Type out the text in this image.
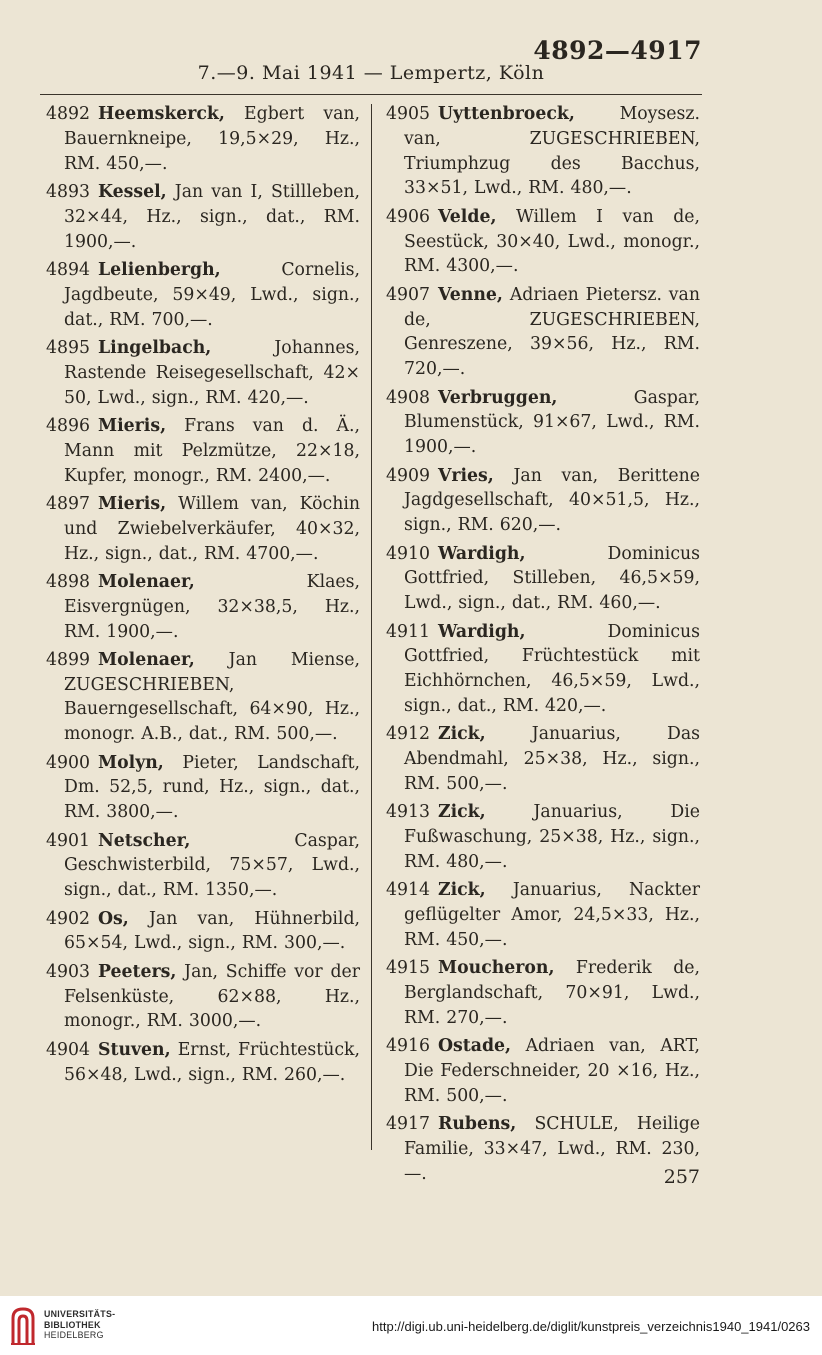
4892—4917
7.—9. Mai 1941 — Lempertz, Köln

4892 Heemskerck, Egbert van, Bauernkneipe, 19,5×29, Hz., RM. 450,—.

4893 Kessel, Jan van I, Stillleben, 32×44, Hz., sign., dat., RM. 1900,—.

4894 Lelienbergh,	Cornelis, Jagdbeute, 59×49, Lwd., sign., dat., RM. 700,—.

4895 Lingelbach,	Johannes, Rastende Reisegesellschaft, 42× 50, Lwd., sign., RM. 420,—.

4896 Mieris, Frans van d. Ä., Mann mit Pelzmütze, 22×18, Kupfer, monogr., RM. 2400,—.

4897 Mieris, Willem van, Köchin und Zwiebelverkäufer, 40×32, Hz., sign., dat., RM. 4700,—.

4898 Molenaer,	Klaes, Eisvergnügen, 32×38,5, Hz., RM. 1900,—.

4899 Molenaer, Jan Miense, ZUGESCHRIEBEN, Bauerngesellschaft, 64×90, Hz., monogr. A.B., dat., RM. 500,—.

4900 Molyn, Pieter, Landschaft, Dm. 52,5, rund, Hz., sign., dat., RM. 3800,—.

4901 Netscher,	Caspar, Geschwisterbild, 75×57, Lwd., sign., dat., RM. 1350,—.

4902 Os, Jan van, Hühnerbild, 65×54, Lwd., sign., RM. 300,—.

4903 Peeters, Jan, Schiffe vor der Felsenküste, 62×88, Hz., monogr., RM. 3000,—.

4904 Stuven, Ernst, Früchtestück, 56×48, Lwd., sign., RM. 260,—.

4905 Uyttenbroeck,	Moysesz. van, ZUGESCHRIEBEN, Triumphzug des Bacchus, 33×51, Lwd., RM. 480,—.

4906 Velde, Willem I van de, Seestück, 30×40, Lwd., monogr., RM. 4300,—.

4907 Venne, Adriaen Pietersz. van de, ZUGESCHRIEBEN, Genreszene, 39×56, Hz., RM. 720,—.

4908 Verbruggen,	Gaspar, Blumenstück, 91×67, Lwd., RM. 1900,—.

4909 Vries, Jan van, Berittene Jagdgesellschaft, 40×51,5, Hz., sign., RM. 620,—.

4910 Wardigh,	Dominicus Gottfried, Stilleben, 46,5×59, Lwd., sign., dat., RM. 460,—.

4911 Wardigh,	Dominicus Gottfried, Früchtestück mit Eichhörnchen, 46,5×59, Lwd., sign., dat., RM. 420,—.

4912 Zick,	Januarius, Das Abendmahl, 25×38, Hz., sign., RM. 500,—.

4913 Zick,	Januarius, Die Fußwaschung, 25×38, Hz., sign., RM. 480,—.

4914 Zick, Januarius, Nackter geflügelter Amor, 24,5×33, Hz., RM. 450,—.

4915 Moucheron, Frederik de, Berglandschaft, 70×91, Lwd., RM. 270,—.

4916 Ostade, Adriaen van, ART, Die Federschneider, 20 ×16, Hz., RM. 500,—.

4917 Rubens, SCHULE, Heilige Familie, 33×47, Lwd., RM. 230,—.	257
UNIVERSITÄTS-
BIBLIOTHEK
HEIDELBERG
http://digi.ub.uni-heidelberg.de/diglit/kunstpreis_verzeichnis1940_1941/0263
